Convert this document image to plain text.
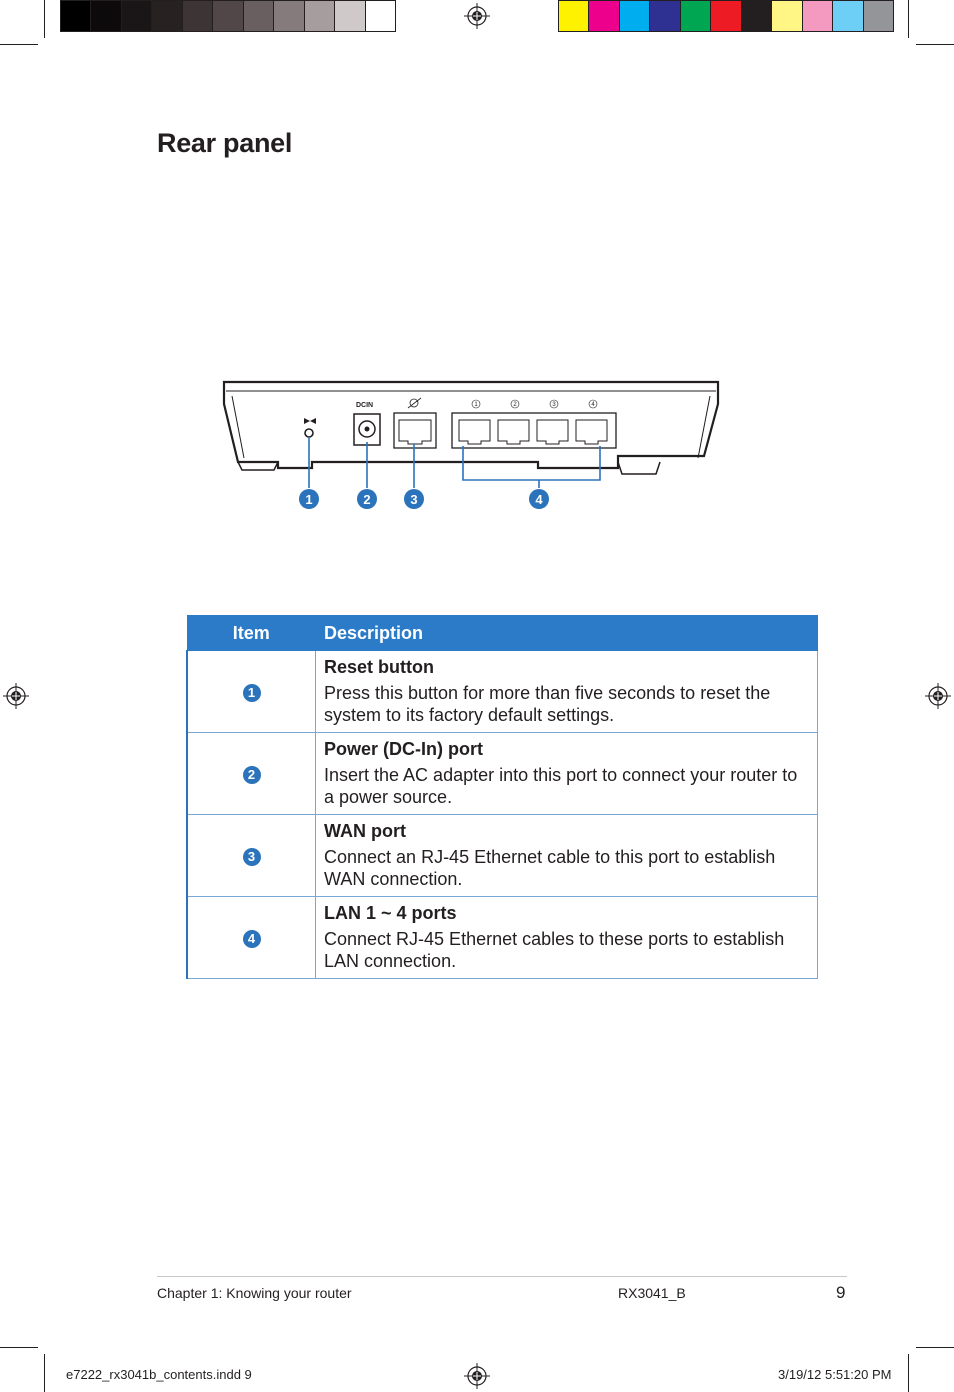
Rear panel
DCIN	1	2	3	4
1	2	3	4
Item	Description
1	Reset button
Press this button for more than five seconds to reset the system to its factory default settings.

2	Power (DC-In) port
Insert the AC adapter into this port to connect your router to a power source.

3	WAN port
Connect an RJ-45 Ethernet cable to this port to establish WAN connection.

4	LAN 1 ~ 4 ports
Connect RJ-45 Ethernet cables to these ports to establish LAN connection.
Chapter 1: Knowing your router	RX3041_B	9
e7222_rx3041b_contents.indd 9	3/19/12 5:51:20 PM
